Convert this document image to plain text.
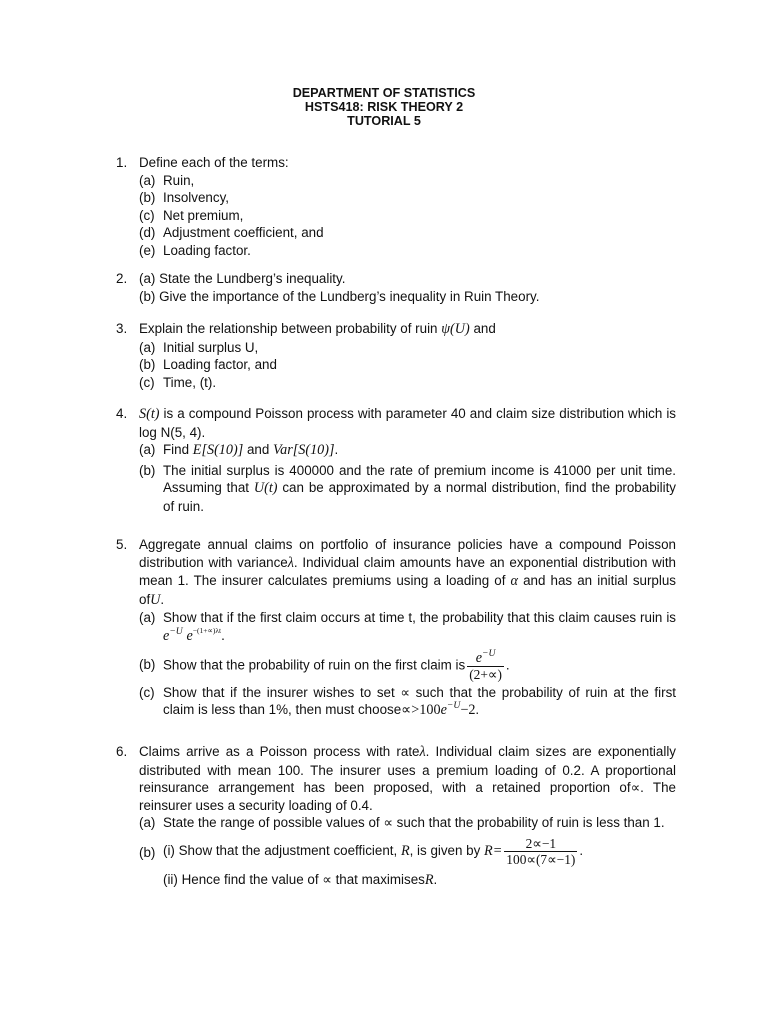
DEPARTMENT OF STATISTICS
HSTS418: RISK THEORY 2
TUTORIAL 5
1. Define each of the terms:
(a) Ruin,
(b) Insolvency,
(c) Net premium,
(d) Adjustment coefficient, and
(e) Loading factor.
2. (a) State the Lundberg’s inequality.
(b) Give the importance of the Lundberg’s inequality in Ruin Theory.
3. Explain the relationship between probability of ruin ψ(U) and
(a) Initial surplus U,
(b) Loading factor, and
(c) Time, (t).
4. S(t) is a compound Poisson process with parameter 40 and claim size distribution which is log N(5, 4).
(a) Find E[S(10)] and Var[S(10)].
(b) The initial surplus is 400000 and the rate of premium income is 41000 per unit time. Assuming that U(t) can be approximated by a normal distribution, find the probability of ruin.
5. Aggregate annual claims on portfolio of insurance policies have a compound Poisson distribution with varianceλ. Individual claim amounts have an exponential distribution with mean 1. The insurer calculates premiums using a loading of α and has an initial surplus ofU.
(a) Show that if the first claim occurs at time t, the probability that this claim causes ruin is $e^{-U}$ $e^{-(1+\propto)\lambda t}$.
(b) Show that the probability of ruin on the first claim is $\frac{e^{-U}}{(2+\propto)}$ .
(c) Show that if the insurer wishes to set ∝ such that the probability of ruin at the first claim is less than 1%, then must $choose\propto>100e^{-U}-2$.
6. Claims arrive as a Poisson process with rateλ. Individual claim sizes are exponentially distributed with mean 100. The insurer uses a premium loading of 0.2. A proportional reinsurance arrangement has been proposed, with a retained proportion of∝. The reinsurer uses a security loading of 0.4.
(a) State the range of possible values of ∝ such that the probability of ruin is less than 1.
(b) (i) Show that the adjustment coefficient, R, is given by $R= \frac{2\propto-1}{100\propto(7\propto-1)}$ .
(ii) Hence find the value of ∝ that maximisesR.
